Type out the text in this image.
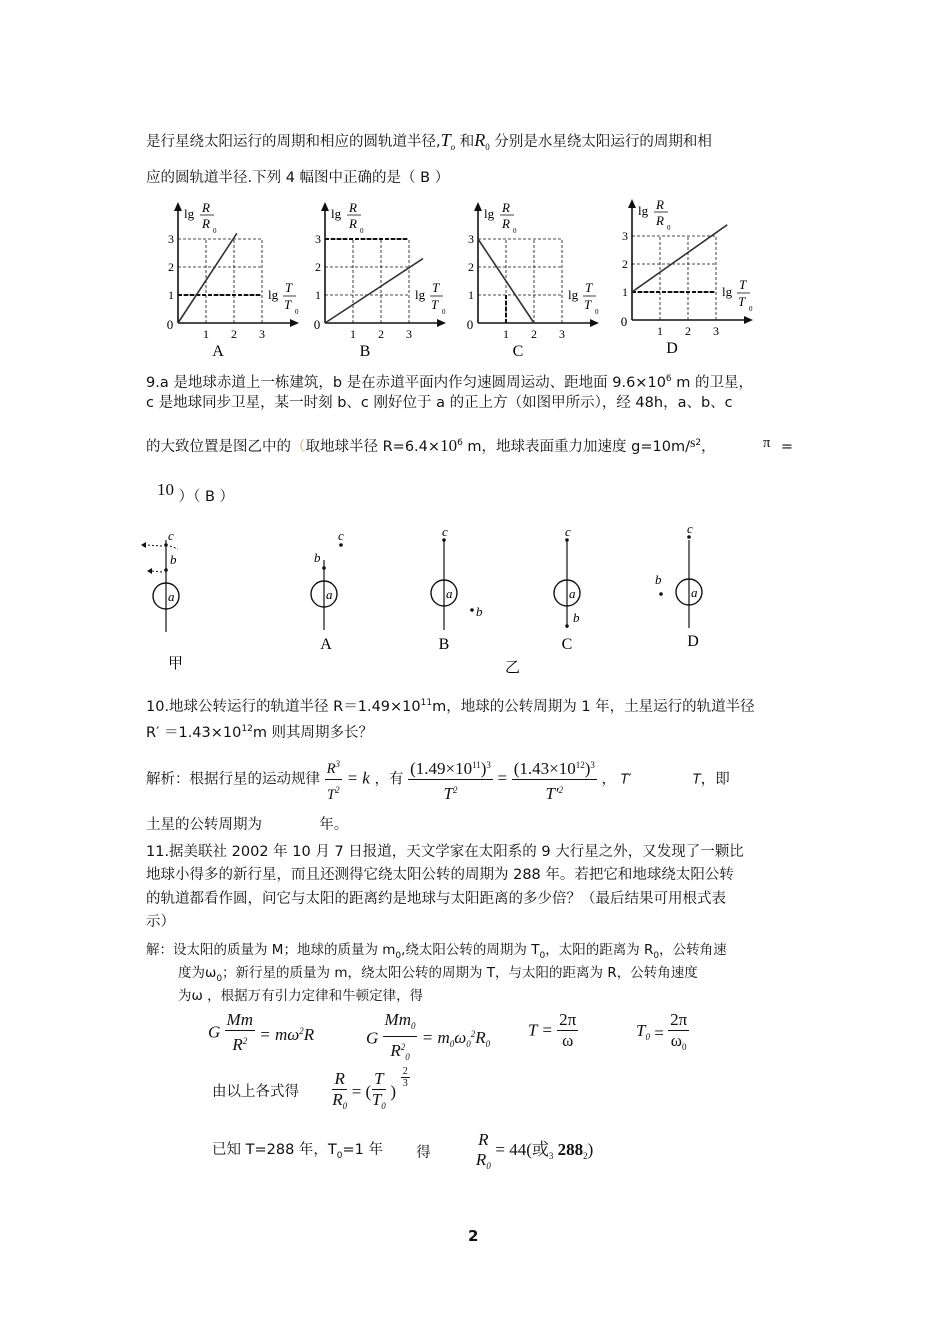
是行星绕太阳运行的周期和相应的圆轨道半径$,T_o$ 和$R_0$ 分别是水星绕太阳运行的周期和相
应的圆轨道半径.下列 4 幅图中正确的是（ B ）
0
1
1
2
2
3
3
lg R
R 0
lg T
T 0
A
0
1
1
2
2
3
3
lg R
R 0
lg T
T 0
B
0
1
1
2
2
3
3
lg R
R 0
lg T
T 0
C
0
1
1
2
2
3
3
lg R
R 0
lg T
T 0
D
9.a 是地球赤道上一栋建筑，b 是在赤道平面内作匀速圆周运动、距地面 $9.6\times 10^6$ m 的卫星，
c 是地球同步卫星，某一时刻 b、c 刚好位于 a 的正上方（如图甲所示），经 48h，a、b、c
的大致位置是图乙中的（取地球半径 $R=6.4\times 10^6$ m，地球表面重力加速度 $g=10m/s^2$，	π =
10 ）（ B ）
a
b
c
甲
a
b
c
A
a
c
b
B
a
c
b
C
a
c
b
D
乙
10.地球公转运行的轨道半径 $R=1.49\times 10^{11}m$，地球的公转周期为 1 年，土星运行的轨道半径
$R' =1.43\times 10^{12}m$ 则其周期多长？
解析：根据行星的运动规律 $\frac{R^3}{T^2} = k$ ，有 $\frac{(1.49\times 10^{11})^3}{T^2} = \frac{(1.43\times 10^{12})^3}{T'^2}$ ， T′	T，即
土星的公转周期为	年。
11.据美联社 2002 年 10 月 7 日报道，天文学家在太阳系的 9 大行星之外，又发现了一颗比
地球小得多的新行星，而且还测得它绕太阳公转的周期为 288 年。若把它和地球绕太阳公转
的轨道都看作圆，问它与太阳的距离约是地球与太阳距离的多少倍？（最后结果可用根式表
示）
解：设太阳的质量为 M；地球的质量为 $m_0$,绕太阳公转的周期为 $T_0$，太阳的距离为 $R_0$，公转角速
度为$\omega_0$；新行星的质量为 m，绕太阳公转的周期为 T，与太阳的距离为 R，公转角速度
为ω ，根据万有引力定律和牛顿定律，得
G $\frac{Mm}{R^2} = m\omega^2R$	G $\frac{Mm_0}{R^2_0} = m_0\omega_0^2R_0$
$T = \frac{2\pi}{\omega}$	$T_0 = \frac{2\pi}{\omega_0}$
由以上各式得 $\frac{R}{R_0}$ = ( $\frac{T}{T_0}$ )
$\frac{2}{3}$
已知 T=288 年，$T_0=1$ 年 得
R
$R_0$
= 44(或$_3$ $288_2$)
2
